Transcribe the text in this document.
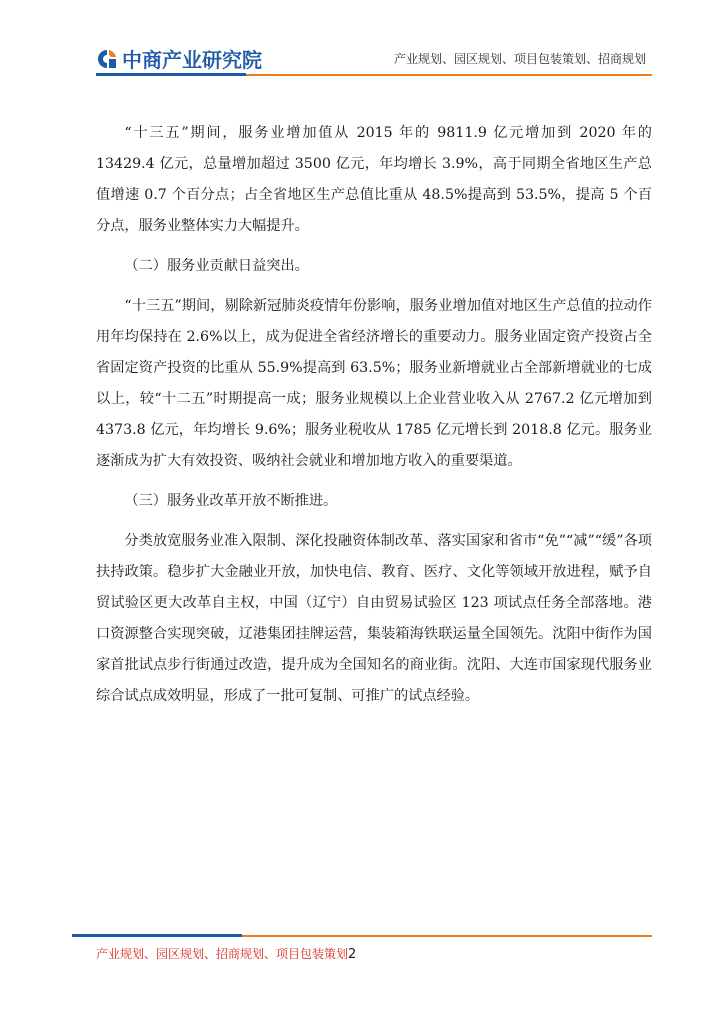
中商产业研究院	产业规划、园区规划、项目包装策划、招商规划

“十三五”期间，服务业增加值从 2015 年的 9811.9 亿元增加到 2020 年的 13429.4 亿元，总量增加超过 3500 亿元，年均增长 3.9%，高于同期全省地区生产总值增速 0.7 个百分点；占全省地区生产总值比重从 48.5%提高到 53.5%，提高 5 个百分点，服务业整体实力大幅提升。

（二）服务业贡献日益突出。

“十三五”期间，剔除新冠肺炎疫情年份影响，服务业增加值对地区生产总值的拉动作用年均保持在 2.6%以上，成为促进全省经济增长的重要动力。服务业固定资产投资占全省固定资产投资的比重从 55.9%提高到 63.5%；服务业新增就业占全部新增就业的七成以上，较“十二五”时期提高一成；服务业规模以上企业营业收入从 2767.2 亿元增加到 4373.8 亿元，年均增长 9.6%；服务业税收从 1785 亿元增长到 2018.8 亿元。服务业逐渐成为扩大有效投资、吸纳社会就业和增加地方收入的重要渠道。

（三）服务业改革开放不断推进。

分类放宽服务业准入限制、深化投融资体制改革、落实国家和省市“免”“减”“缓”各项扶持政策。稳步扩大金融业开放，加快电信、教育、医疗、文化等领域开放进程，赋予自贸试验区更大改革自主权，中国（辽宁）自由贸易试验区 123 项试点任务全部落地。港口资源整合实现突破，辽港集团挂牌运营，集装箱海铁联运量全国领先。沈阳中街作为国家首批试点步行街通过改造，提升成为全国知名的商业街。沈阳、大连市国家现代服务业综合试点成效明显，形成了一批可复制、可推广的试点经验。

产业规划、园区规划、招商规划、项目包装策划2
